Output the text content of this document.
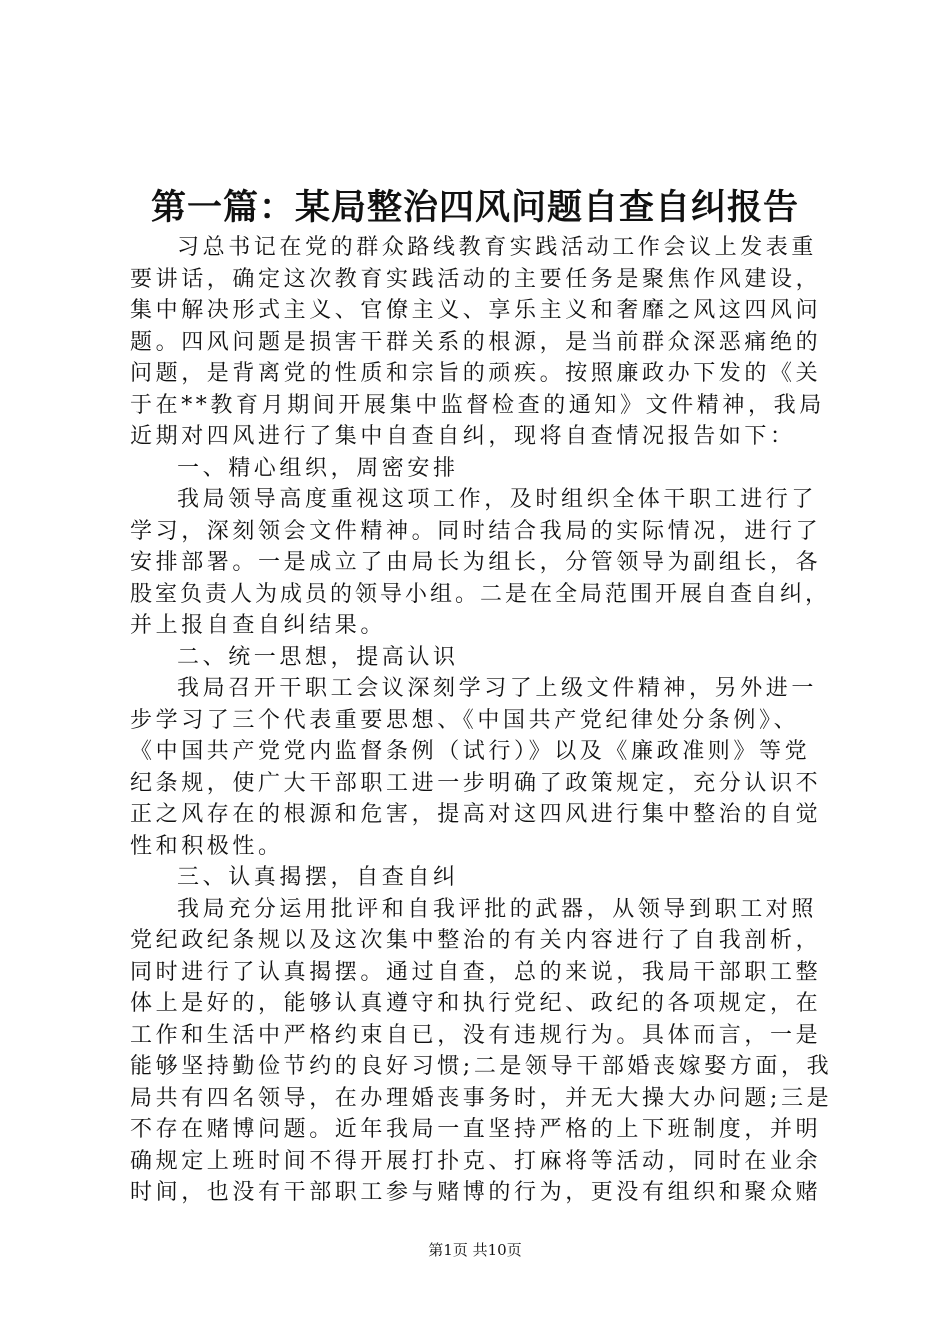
第一篇：某局整治四风问题自查自纠报告
习总书记在党的群众路线教育实践活动工作会议上发表重
要讲话，确定这次教育实践活动的主要任务是聚焦作风建设，
集中解决形式主义、官僚主义、享乐主义和奢靡之风这四风问
题。四风问题是损害干群关系的根源，是当前群众深恶痛绝的
问题，是背离党的性质和宗旨的顽疾。按照廉政办下发的《关
于在**教育月期间开展集中监督检查的通知》文件精神，我局
近期对四风进行了集中自查自纠，现将自查情况报告如下：
一、精心组织，周密安排
我局领导高度重视这项工作，及时组织全体干职工进行了
学习，深刻领会文件精神。同时结合我局的实际情况，进行了
安排部署。一是成立了由局长为组长，分管领导为副组长，各
股室负责人为成员的领导小组。二是在全局范围开展自查自纠，
并上报自查自纠结果。
二、统一思想，提高认识
我局召开干职工会议深刻学习了上级文件精神，另外进一
步学习了三个代表重要思想、《中国共产党纪律处分条例》、
《中国共产党党内监督条例（试行）》以及《廉政准则》等党
纪条规，使广大干部职工进一步明确了政策规定，充分认识不
正之风存在的根源和危害，提高对这四风进行集中整治的自觉
性和积极性。
三、认真揭摆，自查自纠
我局充分运用批评和自我评批的武器，从领导到职工对照
党纪政纪条规以及这次集中整治的有关内容进行了自我剖析，
同时进行了认真揭摆。通过自查，总的来说，我局干部职工整
体上是好的，能够认真遵守和执行党纪、政纪的各项规定，在
工作和生活中严格约束自已，没有违规行为。具体而言，一是
能够坚持勤俭节约的良好习惯;二是领导干部婚丧嫁娶方面，我
局共有四名领导，在办理婚丧事务时，并无大操大办问题;三是
不存在赌博问题。近年我局一直坚持严格的上下班制度，并明
确规定上班时间不得开展打扑克、打麻将等活动，同时在业余
时间，也没有干部职工参与赌博的行为，更没有组织和聚众赌
第1页 共10页
